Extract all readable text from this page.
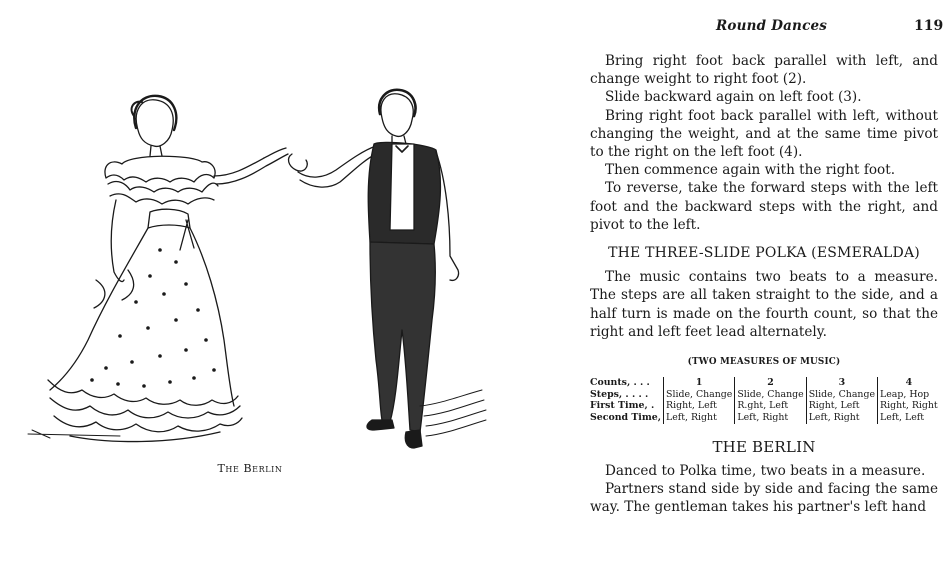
The Berlin
Round Dances	119

Bring right foot back parallel with left, and change weight to right foot (2).

Slide backward again on left foot (3).

Bring right foot back parallel with left, without changing the weight, and at the same time pivot to the right on the left foot (4).

Then commence again with the right foot.

To reverse, take the forward steps with the left foot and the backward steps with the right, and pivot to the left.

THE THREE-SLIDE POLKA (ESMERALDA)

The music contains two beats to a measure. The steps are all taken straight to the side, and a half turn is made on the fourth count, so that the right and left feet lead alternately.

(TWO MEASURES OF MUSIC)
Counts, . . .	1	2	3	4
Steps, . . . .	Slide, Change	Slide, Change	Slide, Change	Leap, Hop
First Time, .	Right, Left	R.ght, Left	Right, Left	Right, Right
Second Time,	Left, Right	Left, Right	Left, Right	Left, Left
THE BERLIN

Danced to Polka time, two beats in a measure.

Partners stand side by side and facing the same way. The gentleman takes his partner's left hand
